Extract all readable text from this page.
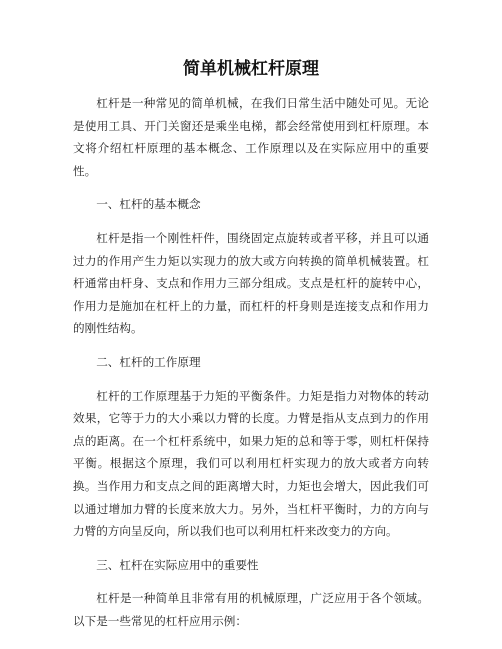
简单机械杠杆原理

杠杆是一种常见的简单机械，在我们日常生活中随处可见。无论是使用工具、开门关窗还是乘坐电梯，都会经常使用到杠杆原理。本文将介绍杠杆原理的基本概念、工作原理以及在实际应用中的重要性。

一、杠杆的基本概念

杠杆是指一个刚性杆件，围绕固定点旋转或者平移，并且可以通过力的作用产生力矩以实现力的放大或方向转换的简单机械装置。杠杆通常由杆身、支点和作用力三部分组成。支点是杠杆的旋转中心，作用力是施加在杠杆上的力量，而杠杆的杆身则是连接支点和作用力的刚性结构。

二、杠杆的工作原理

杠杆的工作原理基于力矩的平衡条件。力矩是指力对物体的转动效果，它等于力的大小乘以力臂的长度。力臂是指从支点到力的作用点的距离。在一个杠杆系统中，如果力矩的总和等于零，则杠杆保持平衡。根据这个原理，我们可以利用杠杆实现力的放大或者方向转换。当作用力和支点之间的距离增大时，力矩也会增大，因此我们可以通过增加力臂的长度来放大力。另外，当杠杆平衡时，力的方向与力臂的方向呈反向，所以我们也可以利用杠杆来改变力的方向。

三、杠杆在实际应用中的重要性

杠杆是一种简单且非常有用的机械原理，广泛应用于各个领域。以下是一些常见的杠杆应用示例：
